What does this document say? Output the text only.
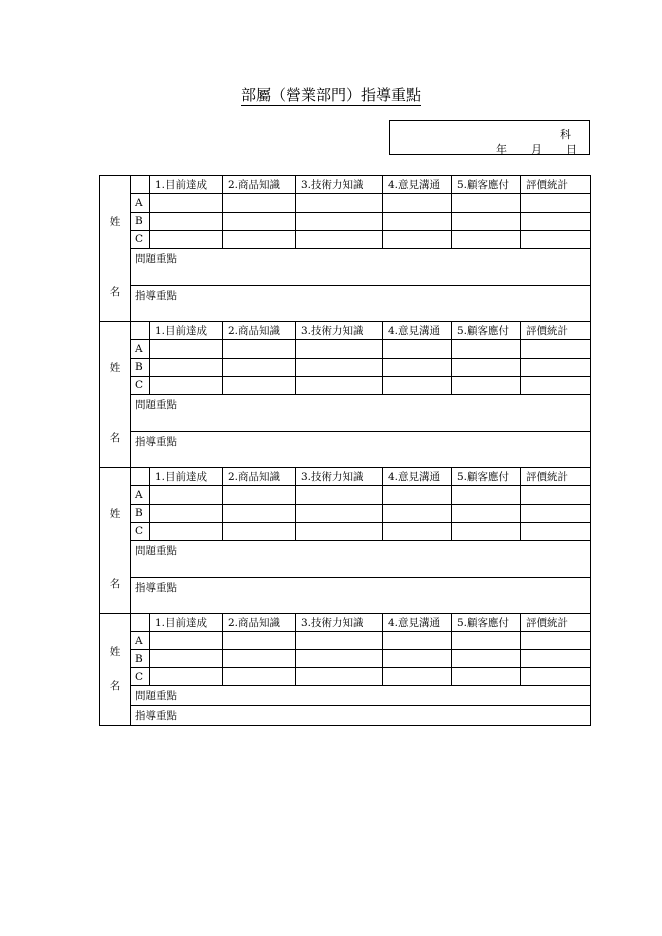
部屬（營業部門）指導重點
科
年 月 日
姓
名		1.目前達成	2.商品知識	3.技術力知識	4.意見溝通	5.顧客應付	評價統計
	A						
	B						
	C						
	問題重點						
	指導重點						

姓
名		1.目前達成	2.商品知識	3.技術力知識	4.意見溝通	5.顧客應付	評價統計
	A						
	B						
	C						
	問題重點						
	指導重點						

姓
名		1.目前達成	2.商品知識	3.技術力知識	4.意見溝通	5.顧客應付	評價統計
	A						
	B						
	C						
	問題重點						
	指導重點						

姓
名		1.目前達成	2.商品知識	3.技術力知識	4.意見溝通	5.顧客應付	評價統計
	A						
	B						
	C						
	問題重點						
	指導重點						
